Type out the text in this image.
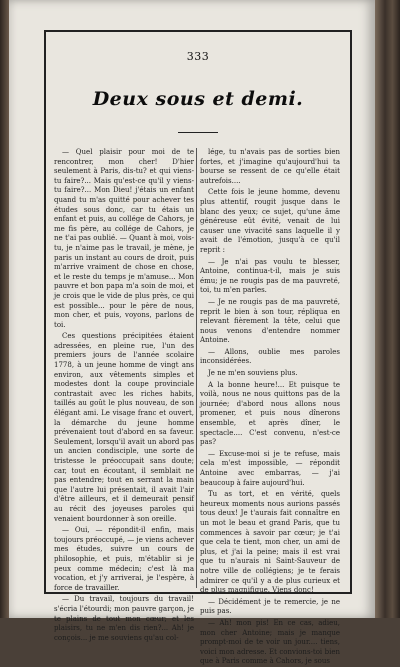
333
Deux sous et demi.

— Quel plaisir pour moi de te rencontrer, mon cher! D'hier seulement à Paris, dis-tu? et qui viens-tu faire?... Mais qu'est-ce qu'il y viens-tu faire?... Mon Dieu! j'étais un enfant quand tu m'as quitté pour achever tes études sous donc, car tu étais un enfant et puis, au collége de Cahors, je me fis père, au collége de Cahors, je ne t'ai pas oublié. — Quant à moi, vois-tu, je n'aime pas le travail, je mène, je paris un instant au cours de droit, puis m'arrive vraiment de chose en chose, et le reste du temps je m'amuse... Mon pauvre et bon papa m'a soin de moi, et je crois que le vide de plus près, ce qui est possible... pour le père de nous, mon cher, et puis, voyons, parlons de toi.

Ces questions précipitées étaient adressées, en pleine rue, l'un des premiers jours de l'année scolaire 1778, à un jeune homme de vingt ans environ, aux vêtements simples et modestes dont la coupe provinciale contrastait avec les riches habits, taillés au goût le plus nouveau, de son élégant ami. Le visage franc et ouvert, la démarche du jeune homme prévenaient tout d'abord en sa faveur. Seulement, lorsqu'il avait un abord pas un ancien condisciple, une sorte de tristesse le préoccupait sans doute; car, tout en écoutant, il semblait ne pas entendre; tout en serrant la main que l'autre lui présentait, il avait l'air d'être ailleurs, et il demeurait pensif au récit des joyeuses paroles qui venaient bourdonner à son oreille.

— Oui, — répondit-il enfin, mais toujours préoccupé, — je viens achever mes études, suivre un cours de philosophie, et puis, m'établir si je peux comme médecin; c'est là ma vocation, et j'y arriverai, je l'espère, à force de travailler.

— Du travail, toujours du travail! s'écria l'étourdi; mon pauvre garçon, je te plains de tout mon cœur; et les plaisirs, tu ne m'en dis rien?... Ah! je conçois... je me souviens qu'au col-

lége, tu n'avais pas de sorties bien fortes, et j'imagine qu'aujourd'hui ta bourse se ressent de ce qu'elle était autrefois....

Cette fois le jeune homme, devenu plus attentif, rougit jusque dans le blanc des yeux; ce sujet, qu'une âme généreuse eût évité, venait de lui causer une vivacité sans laquelle il y avait de l'émotion, jusqu'à ce qu'il reprit :

— Je n'ai pas voulu te blesser, Antoine, continua-t-il, mais je suis ému; je ne rougis pas de ma pauvreté, toi, tu m'en parles.

— Je ne rougis pas de ma pauvreté, reprit le bien à son tour, répliqua en relevant fièrement la tête, celui que nous venons d'entendre nommer Antoine.

— Allons, oublie mes paroles inconsidérées.

Je ne m'en souviens plus.

A la bonne heure!... Et puisque te voilà, nous ne nous quittons pas de la journée; d'abord nous allons nous promener, et puis nous dînerons ensemble, et après dîner, le spectacle.... C'est convenu, n'est-ce pas?

— Excuse-moi si je te refuse, mais cela m'est impossible, — répondit Antoine avec embarras, — j'ai beaucoup à faire aujourd'hui.

Tu as tort, et en vérité, quels heureux moments nous aurions passés tous deux! Je t'aurais fait connaître en un mot le beau et grand Paris, que tu commences à savoir par cœur; je t'ai que cela te tient, mon cher, un ami de plus, et j'ai la peine; mais il est vrai que tu n'aurais ni Saint-Sauveur de notre ville de collégiens; je te ferais admirer ce qu'il y a de plus curieux et de plus magnifique. Viens donc!

— Décidément je te remercie, je ne puis pas.

— Ah! mon pis! En ce cas, adieu, mon cher Antoine; mais je manque prompt-moi de te voir un jour.... tiens, voici mon adresse. Et convions-toi bien que à Paris comme à Cahors, je sous
